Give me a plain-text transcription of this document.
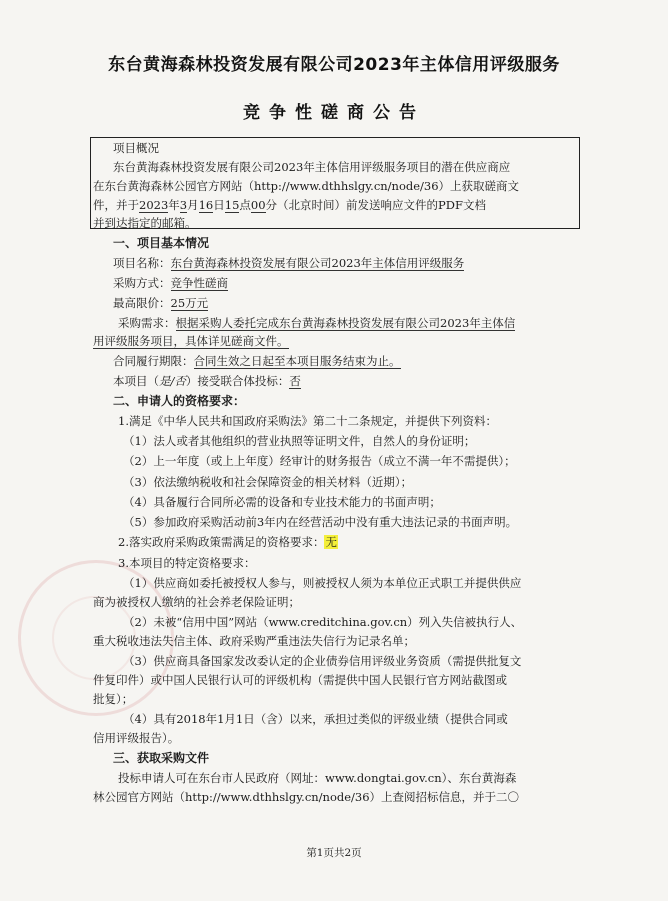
东台黄海森林投资发展有限公司2023年主体信用评级服务
竞争性磋商公告
项目概况
东台黄海森林投资发展有限公司2023年主体信用评级服务项目的潜在供应商应
在东台黄海森林公园官方网站（http://www.dthhslgy.cn/node/36）上获取磋商文
件，并于2023年3月16日15点00分（北京时间）前发送响应文件的PDF文档
并到达指定的邮箱。
一、项目基本情况
项目名称：东台黄海森林投资发展有限公司2023年主体信用评级服务
采购方式：竞争性磋商
最高限价：25万元
采购需求：根据采购人委托完成东台黄海森林投资发展有限公司2023年主体信
用评级服务项目，具体详见磋商文件。
合同履行期限：合同生效之日起至本项目服务结束为止。
本项目（是/否）接受联合体投标：否
二、申请人的资格要求：
1.满足《中华人民共和国政府采购法》第二十二条规定，并提供下列资料：
（1）法人或者其他组织的营业执照等证明文件，自然人的身份证明；
（2）上一年度（或上上年度）经审计的财务报告（成立不满一年不需提供）；
（3）依法缴纳税收和社会保障资金的相关材料（近期）；
（4）具备履行合同所必需的设备和专业技术能力的书面声明；
（5）参加政府采购活动前3年内在经营活动中没有重大违法记录的书面声明。
2.落实政府采购政策需满足的资格要求：无
3.本项目的特定资格要求：
（1）供应商如委托被授权人参与，则被授权人须为本单位正式职工并提供供应
商为被授权人缴纳的社会养老保险证明；
（2）未被“信用中国”网站（www.creditchina.gov.cn）列入失信被执行人、
重大税收违法失信主体、政府采购严重违法失信行为记录名单；
（3）供应商具备国家发改委认定的企业债券信用评级业务资质（需提供批复文
件复印件）或中国人民银行认可的评级机构（需提供中国人民银行官方网站截图或
批复）；
（4）具有2018年1月1日（含）以来，承担过类似的评级业绩（提供合同或
信用评级报告）。
三、获取采购文件
投标申请人可在东台市人民政府（网址：www.dongtai.gov.cn）、东台黄海森
林公园官方网站（http://www.dthhslgy.cn/node/36）上查阅招标信息，并于二〇
第1页共2页
